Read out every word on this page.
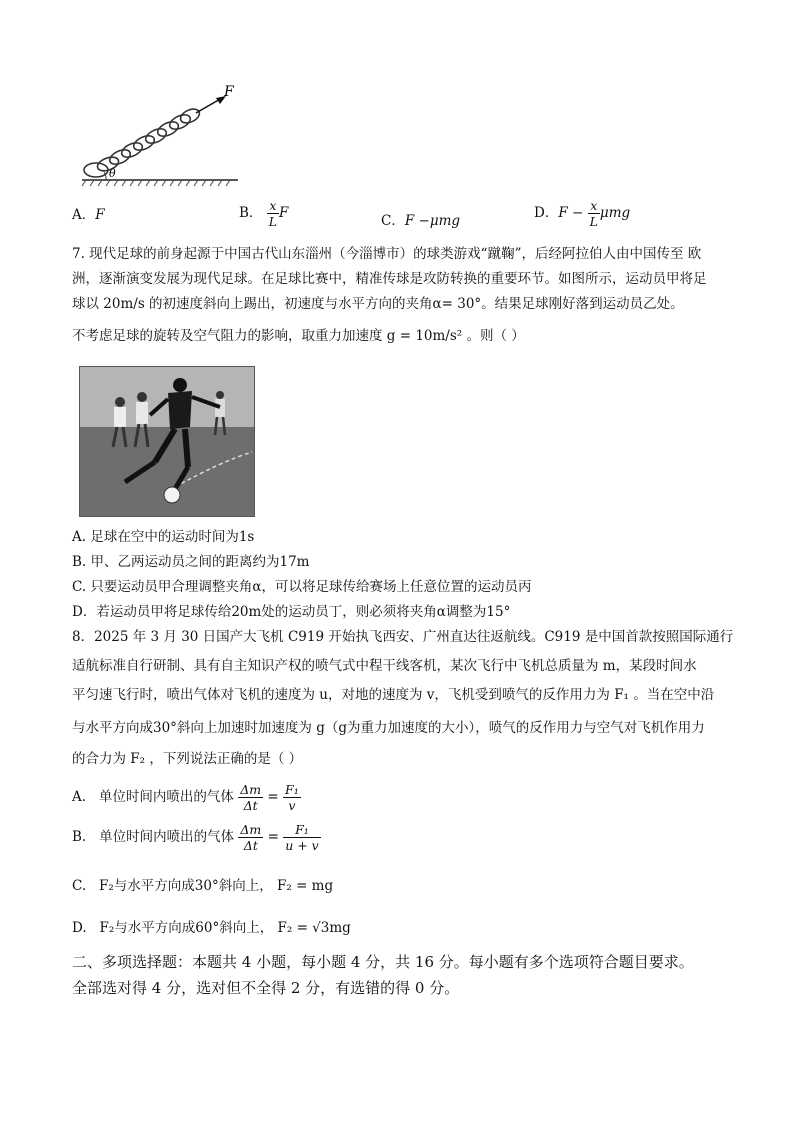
F
θ
A．F	B． $\frac{x}{L}$ F	C．F −μmg	D．$F - \frac{x}{L}$ μmg
7. 现代足球的前身起源于中国古代山东淄州（今淄博市）的球类游戏“蹴鞠”，后经阿拉伯人由中国传至 欧
洲，逐渐演变发展为现代足球。在足球比赛中，精准传球是攻防转换的重要环节。如图所示，运动员甲将足
球以 20m/s 的初速度斜向上踢出，初速度与水平方向的夹角α= 30°。结果足球刚好落到运动员乙处。
不考虑足球的旋转及空气阻力的影响，取重力加速度 g = 10m/s² 。则（ ）
A. 足球在空中的运动时间为1s
B. 甲、乙两运动员之间的距离约为17m
C. 只要运动员甲合理调整夹角α，可以将足球传给赛场上任意位置的运动员丙
D．若运动员甲将足球传给20m处的运动员丁，则必须将夹角α调整为15°
8．2025 年 3 月 30 日国产大飞机 C919 开始执飞西安、广州直达往返航线。C919 是中国首款按照国际通行
适航标准自行研制、具有自主知识产权的喷气式中程干线客机，某次飞行中飞机总质量为 m，某段时间水
平匀速飞行时，喷出气体对飞机的速度为 u，对地的速度为 v，飞机受到喷气的反作用力为 F₁ 。当在空中沿
与水平方向成30°斜向上加速时加速度为 g（g为重力加速度的大小），喷气的反作用力与空气对飞机作用力
的合力为 F₂ ，下列说法正确的是（ ）
A. 单位时间内喷出的气体 $\frac{\Delta m}{\Delta t} = \frac{\text{F₁}}{v}$
B. 单位时间内喷出的气体 $\frac{\Delta m}{\Delta t} = \frac{\text{F₁}}{u + v}$
C. F₂与水平方向成30°斜向上， F₂ = mg
D. F₂与水平方向成60°斜向上， F₂ = √3mg
二、多项选择题：本题共 4 小题，每小题 4 分，共 16 分。每小题有多个选项符合题目要求。
全部选对得 4 分，选对但不全得 2 分，有选错的得 0 分。
